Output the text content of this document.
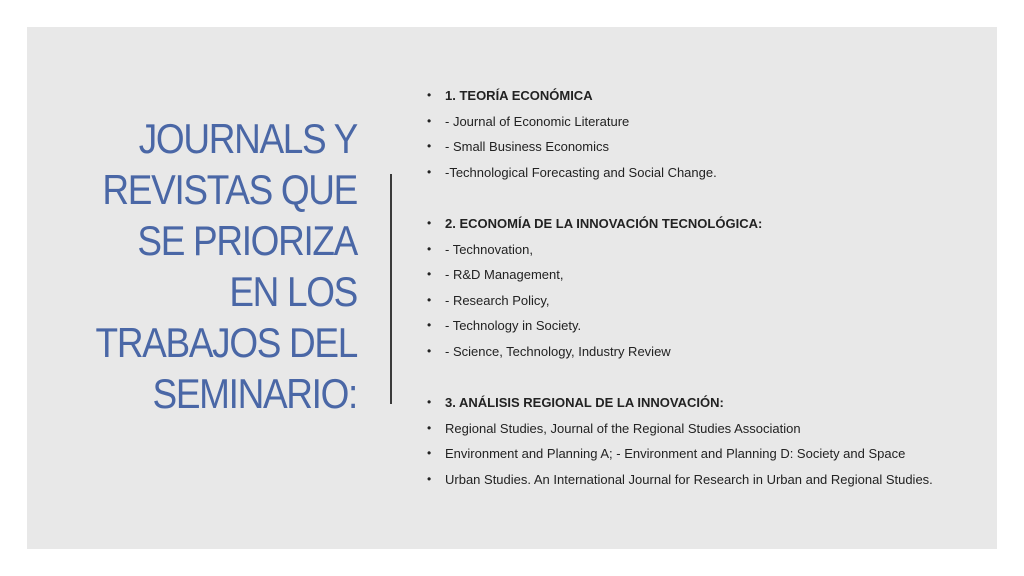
JOURNALS Y
REVISTAS QUE
SE PRIORIZA
EN LOS
TRABAJOS DEL
SEMINARIO:
• 1. TEORÍA ECONÓMICA
• - Journal of Economic Literature
• - Small Business Economics
• -Technological Forecasting and Social Change.
• 2. ECONOMÍA DE LA INNOVACIÓN TECNOLÓGICA:
• - Technovation,
• - R&D Management,
• - Research Policy,
• - Technology in Society.
• - Science, Technology, Industry Review
• 3. ANÁLISIS REGIONAL DE LA INNOVACIÓN:
• Regional Studies, Journal of the Regional Studies Association
• Environment and Planning A; - Environment and Planning D: Society and Space
• Urban Studies. An International Journal for Research in Urban and Regional Studies.
